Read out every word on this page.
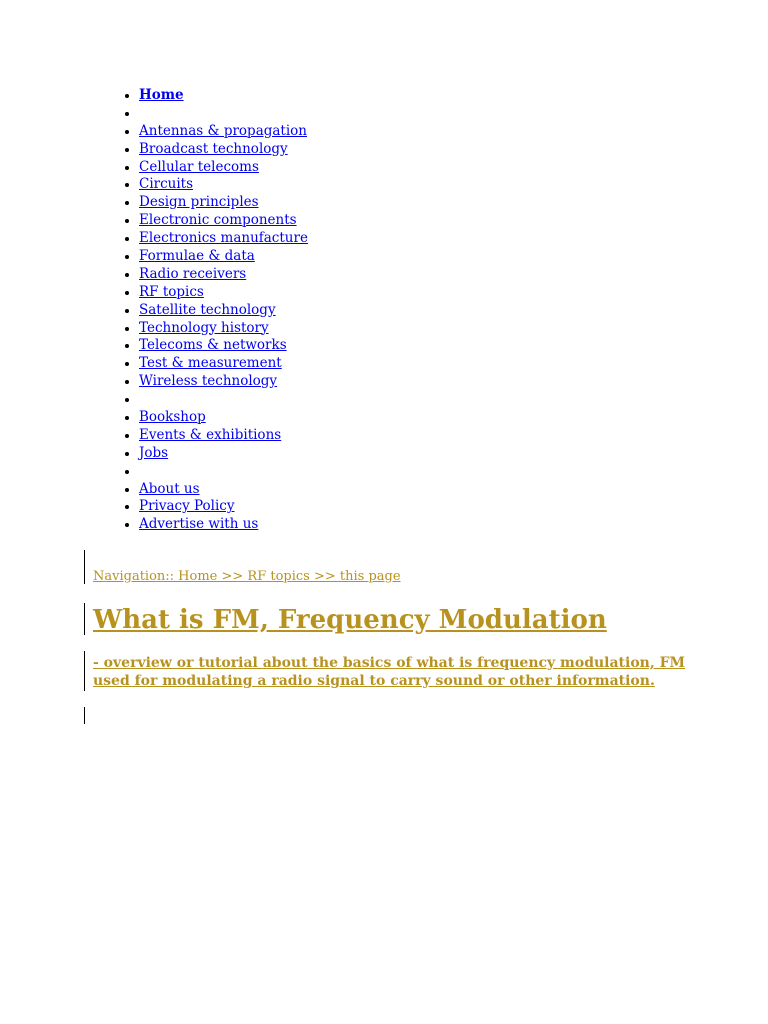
• Home
•
• Antennas & propagation
• Broadcast technology
• Cellular telecoms
• Circuits
• Design principles
• Electronic components
• Electronics manufacture
• Formulae & data
• Radio receivers
• RF topics
• Satellite technology
• Technology history
• Telecoms & networks
• Test & measurement
• Wireless technology
•
• Bookshop
• Events & exhibitions
• Jobs
•
• About us
• Privacy Policy
• Advertise with us
Navigation:: Home >> RF topics >> this page
What is FM, Frequency Modulation

- overview or tutorial about the basics of what is frequency modulation, FM used for modulating a radio signal to carry sound or other information.
